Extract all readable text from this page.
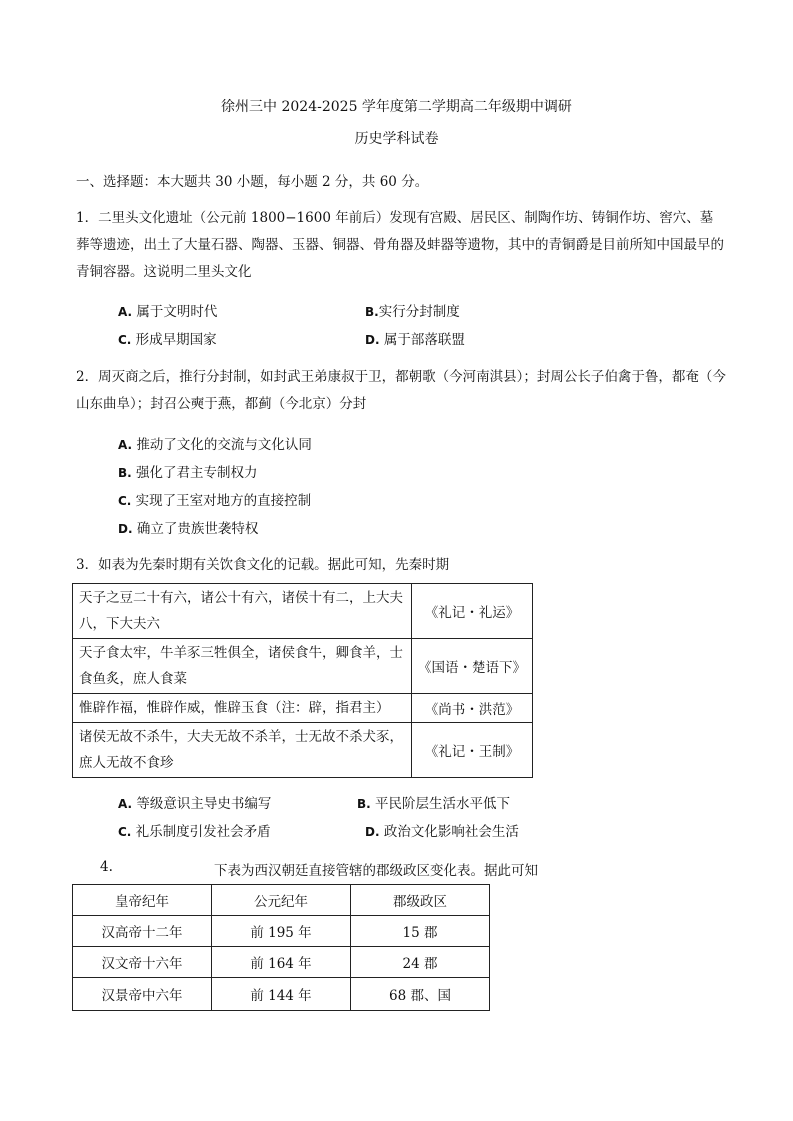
徐州三中 2024-2025 学年度第二学期高二年级期中调研
历史学科试卷
一、选择题：本大题共 30 小题，每小题 2 分，共 60 分。
1．二里头文化遗址（公元前 1800−1600 年前后）发现有宫殿、居民区、制陶作坊、铸铜作坊、窖穴、墓葬等遗迹，出土了大量石器、陶器、玉器、铜器、骨角器及蚌器等遗物，其中的青铜爵是目前所知中国最早的青铜容器。这说明二里头文化
A. 属于文明时代	B.实行分封制度
C. 形成早期国家	D. 属于部落联盟
2．周灭商之后，推行分封制，如封武王弟康叔于卫，都朝歌（今河南淇县）；封周公长子伯禽于鲁，都奄（今山东曲阜）；封召公奭于燕，都蓟（今北京）分封
A. 推动了文化的交流与文化认同
B. 强化了君主专制权力
C. 实现了王室对地方的直接控制
D. 确立了贵族世袭特权
3．如表为先秦时期有关饮食文化的记载。据此可知，先秦时期
天子之豆二十有六，诸公十有六，诸侯十有二，上大夫八，下大夫六	《礼记・礼运》
天子食太牢，牛羊豕三牲俱全，诸侯食牛，卿食羊，士食鱼炙，庶人食菜	《国语・楚语下》
惟辟作福，惟辟作威，惟辟玉食（注：辟，指君主）	《尚书・洪范》
诸侯无故不杀牛，大夫无故不杀羊，士无故不杀犬豕，庶人无故不食珍	《礼记・王制》
A. 等级意识主导史书编写	B. 平民阶层生活水平低下
C. 礼乐制度引发社会矛盾	D. 政治文化影响社会生活
4.	下表为西汉朝廷直接管辖的郡级政区变化表。据此可知
皇帝纪年	公元纪年	郡级政区
汉高帝十二年	前 195 年	15 郡
汉文帝十六年	前 164 年	24 郡
汉景帝中六年	前 144 年	68 郡、国
